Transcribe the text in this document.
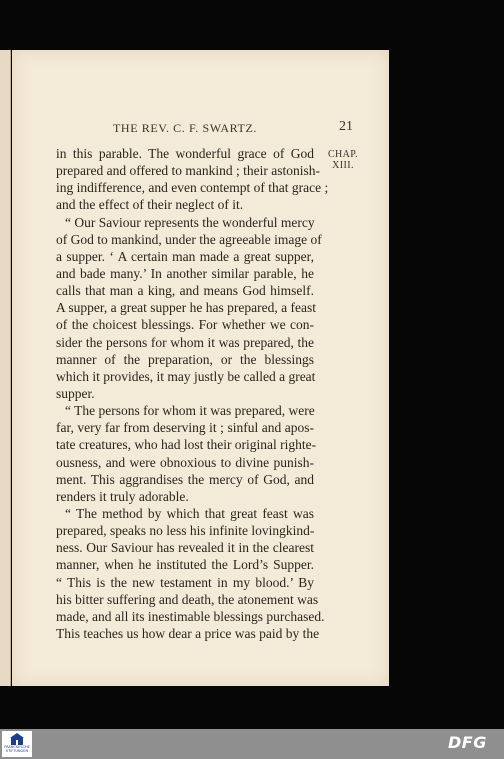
THE REV. C. F. SWARTZ.	21
CHAP.
XIII.
in this parable. The wonderful grace of God
prepared and offered to mankind ; their astonish-
ing indifference, and even contempt of that grace ;
and the effect of their neglect of it.
“ Our Saviour represents the wonderful mercy
of God to mankind, under the agreeable image of
a supper. ‘ A certain man made a great supper,
and bade many.’ In another similar parable, he
calls that man a king, and means God himself.
A supper, a great supper he has prepared, a feast
of the choicest blessings. For whether we con-
sider the persons for whom it was prepared, the
manner of the preparation, or the blessings
which it provides, it may justly be called a great
supper.
“ The persons for whom it was prepared, were
far, very far from deserving it ; sinful and apos-
tate creatures, who had lost their original righte-
ousness, and were obnoxious to divine punish-
ment. This aggrandises the mercy of God, and
renders it truly adorable.
“ The method by which that great feast was
prepared, speaks no less his infinite lovingkind-
ness. Our Saviour has revealed it in the clearest
manner, when he instituted the Lord’s Supper.
“ This is the new testament in my blood.’ By
his bitter suffering and death, the atonement was
made, and all its inestimable blessings purchased.
This teaches us how dear a price was paid by the
FRANCKESCHE
STIFTUNGEN	DFG
